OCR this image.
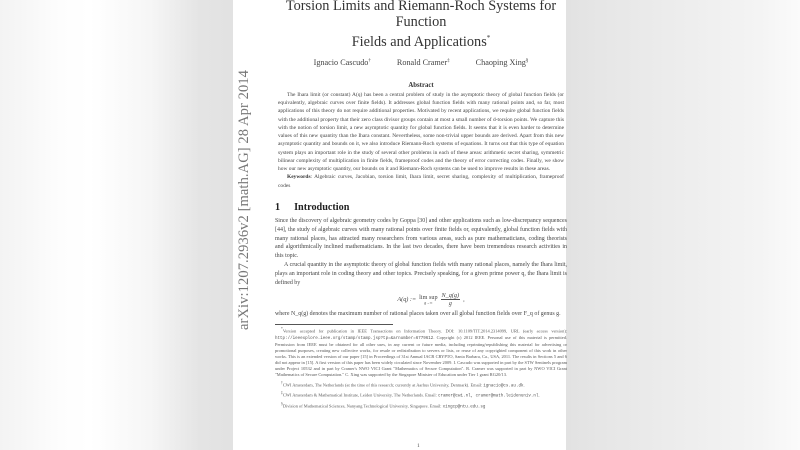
arXiv:1207.2936v2 [math.AG] 28 Apr 2014
Torsion Limits and Riemann-Roch Systems for Function
Fields and Applications*
Ignacio Cascudo†	Ronald Cramer‡	Chaoping Xing§
Abstract
The Ihara limit (or constant) A(q) has been a central problem of study in the asymptotic theory of global function fields (or equivalently, algebraic curves over finite fields). It addresses global function fields with many rational points and, so far, most applications of this theory do not require additional properties. Motivated by recent applications, we require global function fields with the additional property that their zero class divisor groups contain at most a small number of d-torsion points. We capture this with the notion of torsion limit, a new asymptotic quantity for global function fields. It seems that it is even harder to determine values of this new quantity than the Ihara constant. Nevertheless, some non-trivial upper bounds are derived. Apart from this new asymptotic quantity and bounds on it, we also introduce Riemann-Roch systems of equations. It turns out that this type of equation system plays an important role in the study of several other problems in each of these areas: arithmetic secret sharing, symmetric bilinear complexity of multiplication in finite fields, frameproof codes and the theory of error correcting codes. Finally, we show how our new asymptotic quantity, our bounds on it and Riemann-Roch systems can be used to improve results in these areas.
Keywords: Algebraic curves, Jacobian, torsion limit, Ihara limit, secret sharing, complexity of multiplication, frameproof codes
1 Introduction
Since the discovery of algebraic geometry codes by Goppa [30] and other applications such as low-discrepancy sequences [44], the study of algebraic curves with many rational points over finite fields or, equivalently, global function fields with many rational places, has attracted many researchers from various areas, such as pure mathematicians, coding theorists and algorithmically inclined mathematicians. In the last two decades, there have been tremendous research activities in this topic.
A crucial quantity in the asymptotic theory of global function fields with many rational places, namely the Ihara limit, plays an important role in coding theory and other topics. Precisely speaking, for a given prime power q, the Ihara limit is defined by
A(q) := lim sup
$g\to\infty \frac{N\_q(g)}{g}$ ,
where N_q(g) denotes the maximum number of rational places taken over all global function fields over F_q of genus g.
*Version accepted for publication in IEEE Transactions on Information Theory. DOI: 10.1109/TIT.2014.2314099, URL (early access version): http://ieeexplore.ieee.org/stamp/stamp.jsp?tp=&arnumber=6779612. Copyright (c) 2012 IEEE. Personal use of this material is permitted. Permission from IEEE must be obtained for all other uses, in any current or future media, including reprinting/republishing this material for advertising or promotional purposes, creating new collective works, for resale or redistribution to servers or lists, or reuse of any copyrighted component of this work in other works. This is an extended version of our paper [15] in Proceedings of 31st Annual IACR CRYPTO, Santa Barbara, Ca., USA, 2011. The results in Sections 5 and 6 did not appear in [15]. A first version of this paper has been widely circulated since November 2009. I. Cascudo was supported in part by the STW Sentinels program under Project 10532 and in part by Cramer's NWO VICI Grant "Mathematics of Secure Computation". R. Cramer was supported in part by NWO VICI Grant "Mathematics of Secure Computation." C. Xing was supported by the Singapore Minister of Education under Tier 1 grant RG20/13.
†CWI Amsterdam, The Netherlands (at the time of this research; currently at Aarhus University, Denmark). Email: ignacio@cs.au.dk.
‡CWI Amsterdam & Mathematical Institute, Leiden University, The Netherlands. Email: cramer@cwi.nl, cramer@math.leidenuniv.nl.
§Division of Mathematical Sciences, Nanyang Technological University, Singapore. Email: xingcp@ntu.edu.sg
1
